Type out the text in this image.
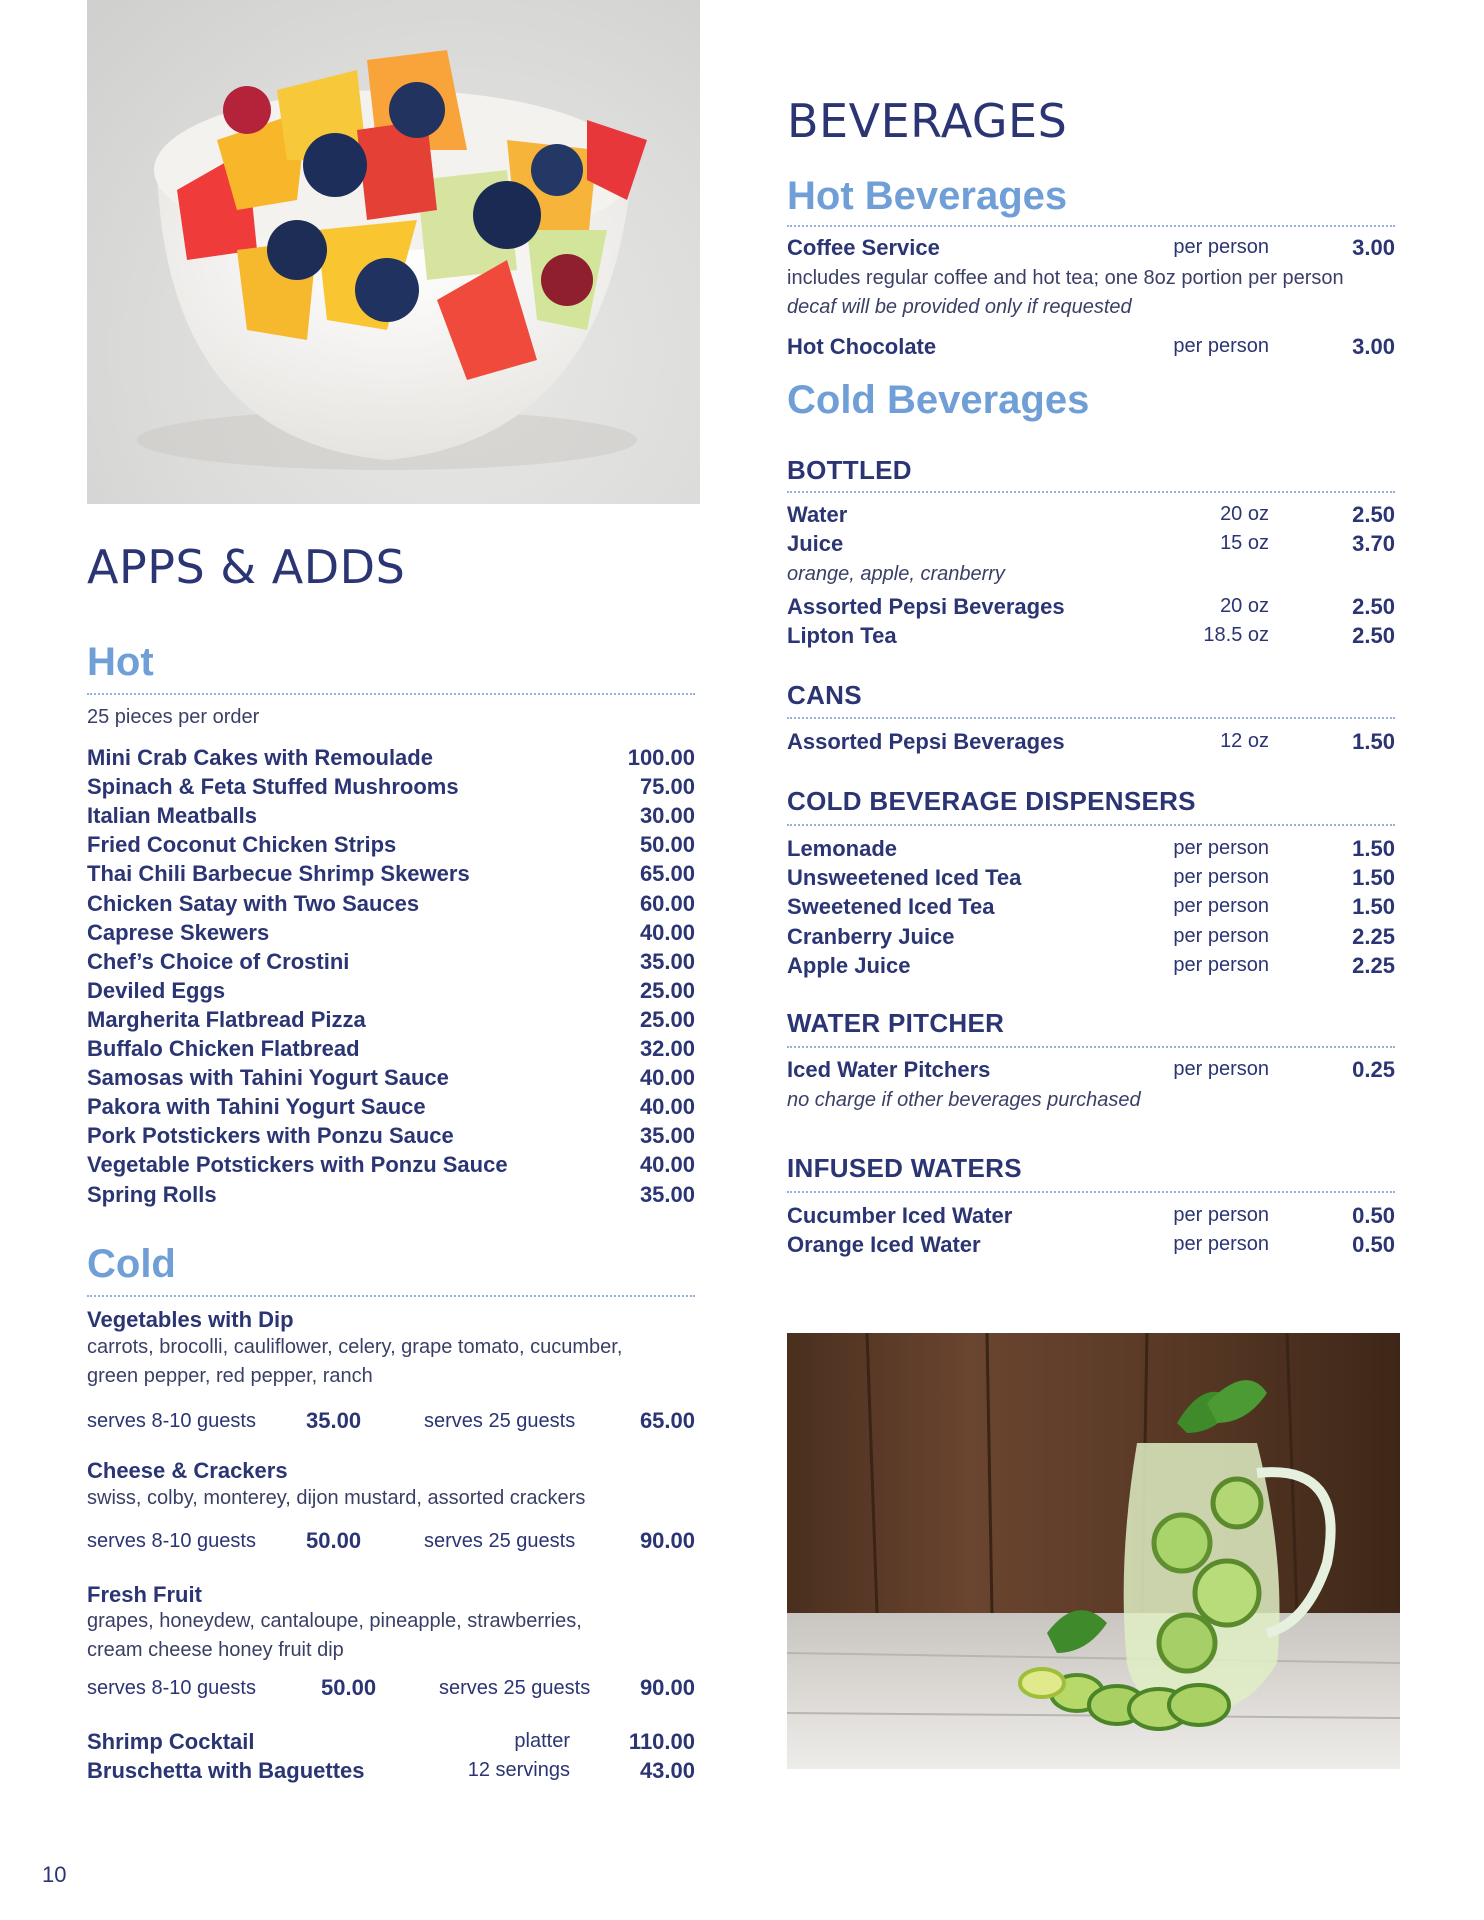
APPS & ADDS
Hot
25 pieces per order
Mini Crab Cakes with Remoulade	100.00
Spinach & Feta Stuffed Mushrooms	75.00
Italian Meatballs	30.00
Fried Coconut Chicken Strips	50.00
Thai Chili Barbecue Shrimp Skewers	65.00
Chicken Satay with Two Sauces	60.00
Caprese Skewers	40.00
Chef’s Choice of Crostini	35.00
Deviled Eggs	25.00
Margherita Flatbread Pizza	25.00
Buffalo Chicken Flatbread	32.00
Samosas with Tahini Yogurt Sauce	40.00
Pakora with Tahini Yogurt Sauce	40.00
Pork Potstickers with Ponzu Sauce	35.00
Vegetable Potstickers with Ponzu Sauce	40.00
Spring Rolls	35.00
Cold
Vegetables with Dip
carrots, brocolli, cauliflower, celery, grape tomato, cucumber,
green pepper, red pepper, ranch
serves 8-10 guests 35.00	serves 25 guests	65.00
Cheese & Crackers
swiss, colby, monterey, dijon mustard, assorted crackers
serves 8-10 guests 50.00	serves 25 guests	90.00
Fresh Fruit
grapes, honeydew, cantaloupe, pineapple, strawberries,
cream cheese honey fruit dip
serves 8-10 guests	50.00	serves 25 guests 90.00
Shrimp Cocktail	platter	110.00
Bruschetta with Baguettes	12 servings	43.00
BEVERAGES
Hot Beverages
Coffee Service	per person	3.00
includes regular coffee and hot tea; one 8oz portion per person
decaf will be provided only if requested
Hot Chocolate	per person	3.00
Cold Beverages
BOTTLED
Water	20 oz	2.50
Juice	15 oz	3.70
orange, apple, cranberry
Assorted Pepsi Beverages	20 oz	2.50
Lipton Tea	18.5 oz	2.50
CANS
Assorted Pepsi Beverages	12 oz	1.50
COLD BEVERAGE DISPENSERS
Lemonade	per person	1.50
Unsweetened Iced Tea	per person	1.50
Sweetened Iced Tea	per person	1.50
Cranberry Juice	per person	2.25
Apple Juice	per person	2.25
WATER PITCHER
Iced Water Pitchers	per person	0.25
no charge if other beverages purchased
INFUSED WATERS
Cucumber Iced Water	per person	0.50
Orange Iced Water	per person	0.50
10
